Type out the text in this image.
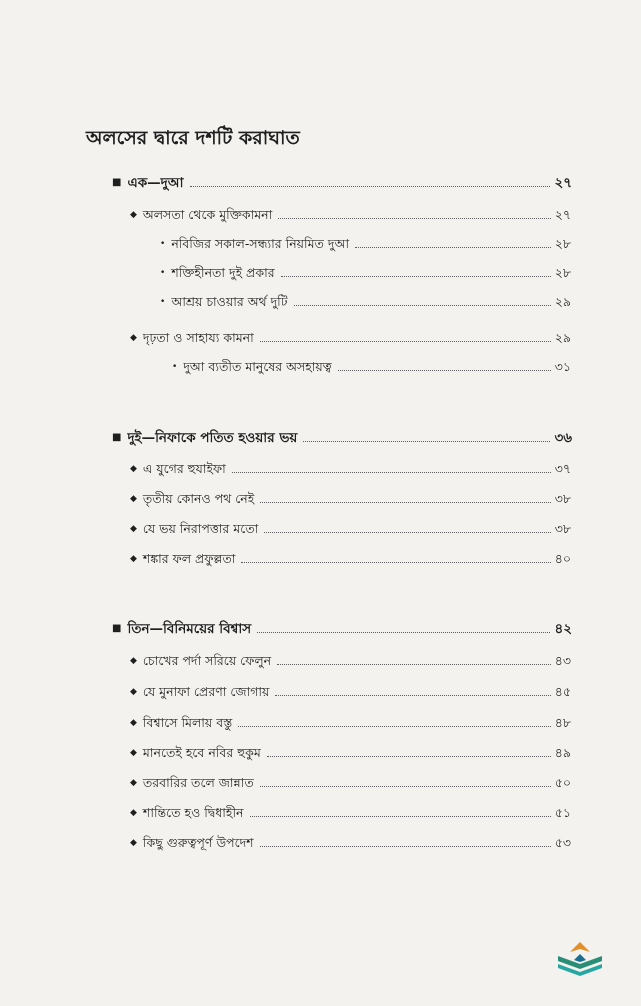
অলসের দ্বারে দশটি করাঘাত
■ এক—দুআ	২৭
◆ অলসতা থেকে মুক্তিকামনা	২৭
• নবিজির সকাল-সন্ধ্যার নিয়মিত দুআ	২৮
• শক্তিহীনতা দুই প্রকার	২৮
• আশ্রয় চাওয়ার অর্থ দুটি	২৯
◆ দৃঢ়তা ও সাহায্য কামনা	২৯
• দুআ ব্যতীত মানুষের অসহায়ত্ব	৩১
■ দুই—নিফাকে পতিত হওয়ার ভয়	৩৬
◆ এ যুগের হুযাইফা	৩৭
◆ তৃতীয় কোনও পথ নেই	৩৮
◆ যে ভয় নিরাপত্তার মতো	৩৮
◆ শঙ্কার ফল প্রফুল্লতা	৪০
■ তিন—বিনিময়ের বিশ্বাস	৪২
◆ চোখের পর্দা সরিয়ে ফেলুন	৪৩
◆ যে মুনাফা প্রেরণা জোগায়	৪৫
◆ বিশ্বাসে মিলায় বস্তু	৪৮
◆ মানতেই হবে নবির হুকুম	৪৯
◆ তরবারির তলে জান্নাত	৫০
◆ শান্তিতে হও দ্বিধাহীন	৫১
◆ কিছু গুরুত্বপূর্ণ উপদেশ	৫৩
